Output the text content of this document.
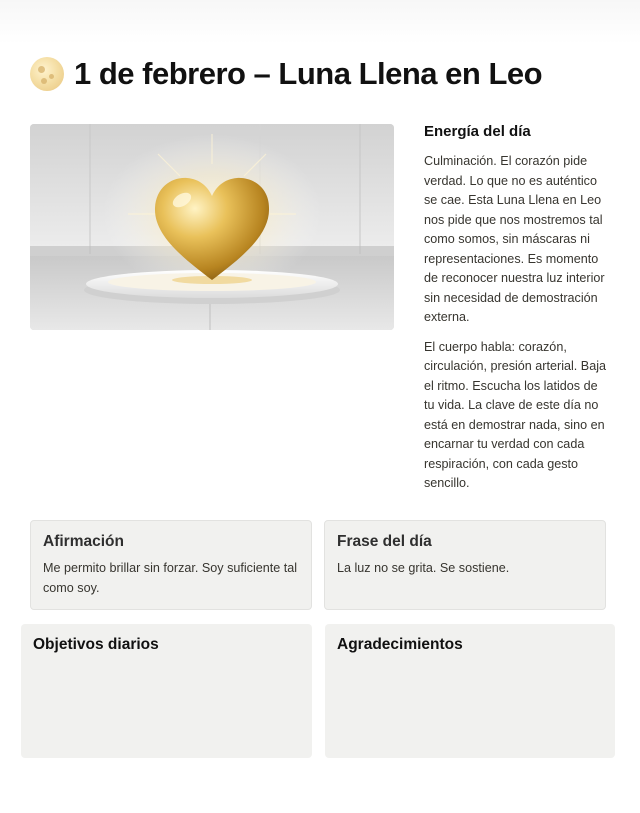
1 de febrero – Luna Llena en Leo
Energía del día

Culminación. El corazón pide verdad. Lo que no es auténtico se cae. Esta Luna Llena en Leo nos pide que nos mostremos tal como somos, sin máscaras ni representaciones. Es momento de reconocer nuestra luz interior sin necesidad de demostración externa.

El cuerpo habla: corazón, circulación, presión arterial. Baja el ritmo. Escucha los latidos de tu vida. La clave de este día no está en demostrar nada, sino en encarnar tu verdad con cada respiración, con cada gesto sencillo.

Afirmación

Me permito brillar sin forzar. Soy suficiente tal como soy.

Frase del día

La luz no se grita. Se sostiene.

Objetivos diarios	Agradecimientos
